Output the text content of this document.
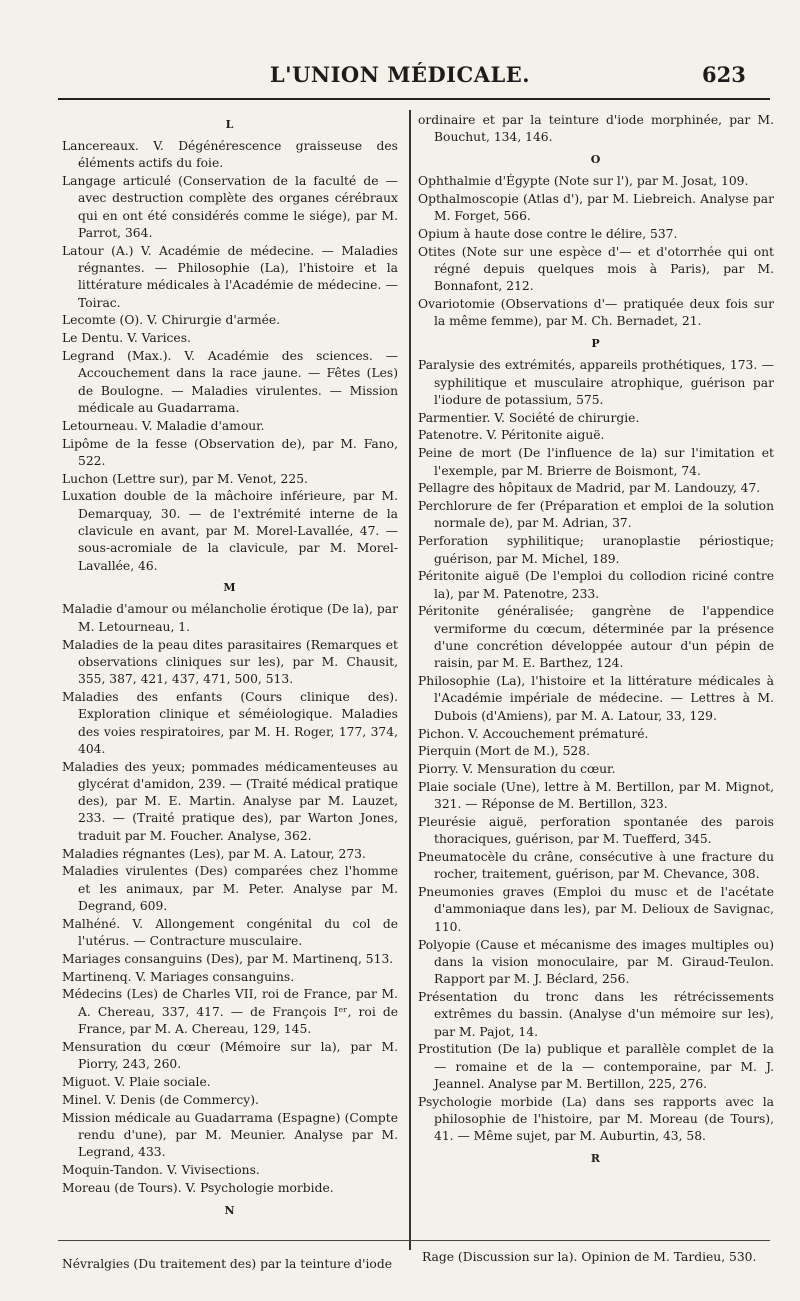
L'UNION MÉDICALE.	623
L
Lancereaux. V. Dégénérescence graisseuse des éléments actifs du foie.
Langage articulé (Conservation de la faculté de — avec destruction complète des organes cérébraux qui en ont été considérés comme le siége), par M. Parrot, 364.
Latour (A.) V. Académie de médecine. — Maladies régnantes. — Philosophie (La), l'histoire et la littérature médicales à l'Académie de médecine. — Toirac.
Lecomte (O). V. Chirurgie d'armée.
Le Dentu. V. Varices.
Legrand (Max.). V. Académie des sciences. — Accouchement dans la race jaune. — Fêtes (Les) de Boulogne. — Maladies virulentes. — Mission médicale au Guadarrama.
Letourneau. V. Maladie d'amour.
Lipôme de la fesse (Observation de), par M. Fano, 522.
Luchon (Lettre sur), par M. Venot, 225.
Luxation double de la mâchoire inférieure, par M. Demarquay, 30. — de l'extrémité interne de la clavicule en avant, par M. Morel-Lavallée, 47. — sous-acromiale de la clavicule, par M. Morel-Lavallée, 46.
M
Maladie d'amour ou mélancholie érotique (De la), par M. Letourneau, 1.
Maladies de la peau dites parasitaires (Remarques et observations cliniques sur les), par M. Chausit, 355, 387, 421, 437, 471, 500, 513.
Maladies des enfants (Cours clinique des). Exploration clinique et séméiologique. Maladies des voies respiratoires, par M. H. Roger, 177, 374, 404.
Maladies des yeux; pommades médicamenteuses au glycérat d'amidon, 239. — (Traité médical pratique des), par M. E. Martin. Analyse par M. Lauzet, 233. — (Traité pratique des), par Warton Jones, traduit par M. Foucher. Analyse, 362.
Maladies régnantes (Les), par M. A. Latour, 273.
Maladies virulentes (Des) comparées chez l'homme et les animaux, par M. Peter. Analyse par M. Degrand, 609.
Malhéné. V. Allongement congénital du col de l'utérus. — Contracture musculaire.
Mariages consanguins (Des), par M. Martinenq, 513.
Martinenq. V. Mariages consanguins.
Médecins (Les) de Charles VII, roi de France, par M. A. Chereau, 337, 417. — de François Iᵉʳ, roi de France, par M. A. Chereau, 129, 145.
Mensuration du cœur (Mémoire sur la), par M. Piorry, 243, 260.
Miguot. V. Plaie sociale.
Minel. V. Denis (de Commercy).
Mission médicale au Guadarrama (Espagne) (Compte rendu d'une), par M. Meunier. Analyse par M. Legrand, 433.
Moquin-Tandon. V. Vivisections.
Moreau (de Tours). V. Psychologie morbide.
N
ordinaire et par la teinture d'iode morphinée, par M. Bouchut, 134, 146.
O
Ophthalmie d'Égypte (Note sur l'), par M. Josat, 109.
Opthalmoscopie (Atlas d'), par M. Liebreich. Analyse par M. Forget, 566.
Opium à haute dose contre le délire, 537.
Otites (Note sur une espèce d'— et d'otorrhée qui ont régné depuis quelques mois à Paris), par M. Bonnafont, 212.
Ovariotomie (Observations d'— pratiquée deux fois sur la même femme), par M. Ch. Bernadet, 21.
P
Paralysie des extrémités, appareils prothétiques, 173. — syphilitique et musculaire atrophique, guérison par l'iodure de potassium, 575.
Parmentier. V. Société de chirurgie.
Patenotre. V. Péritonite aiguë.
Peine de mort (De l'influence de la) sur l'imitation et l'exemple, par M. Brierre de Boismont, 74.
Pellagre des hôpitaux de Madrid, par M. Landouzy, 47.
Perchlorure de fer (Préparation et emploi de la solution normale de), par M. Adrian, 37.
Perforation syphilitique; uranoplastie périostique; guérison, par M. Michel, 189.
Péritonite aiguë (De l'emploi du collodion riciné contre la), par M. Patenotre, 233.
Péritonite généralisée; gangrène de l'appendice vermiforme du cœcum, déterminée par la présence d'une concrétion développée autour d'un pépin de raisin, par M. E. Barthez, 124.
Philosophie (La), l'histoire et la littérature médicales à l'Académie impériale de médecine. — Lettres à M. Dubois (d'Amiens), par M. A. Latour, 33, 129.
Pichon. V. Accouchement prématuré.
Pierquin (Mort de M.), 528.
Piorry. V. Mensuration du cœur.
Plaie sociale (Une), lettre à M. Bertillon, par M. Mignot, 321. — Réponse de M. Bertillon, 323.
Pleurésie aiguë, perforation spontanée des parois thoraciques, guérison, par M. Tuefferd, 345.
Pneumatocèle du crâne, consécutive à une fracture du rocher, traitement, guérison, par M. Chevance, 308.
Pneumonies graves (Emploi du musc et de l'acétate d'ammoniaque dans les), par M. Delioux de Savignac, 110.
Polyopie (Cause et mécanisme des images multiples ou) dans la vision monoculaire, par M. Giraud-Teulon. Rapport par M. J. Béclard, 256.
Présentation du tronc dans les rétrécissements extrêmes du bassin. (Analyse d'un mémoire sur les), par M. Pajot, 14.
Prostitution (De la) publique et parallèle complet de la — romaine et de la — contemporaine, par M. J. Jeannel. Analyse par M. Bertillon, 225, 276.
Psychologie morbide (La) dans ses rapports avec la philosophie de l'histoire, par M. Moreau (de Tours), 41. — Même sujet, par M. Auburtin, 43, 58.
R
Névralgies (Du traitement des) par la teinture d'iode	Rage (Discussion sur la). Opinion de M. Tardieu, 530.
